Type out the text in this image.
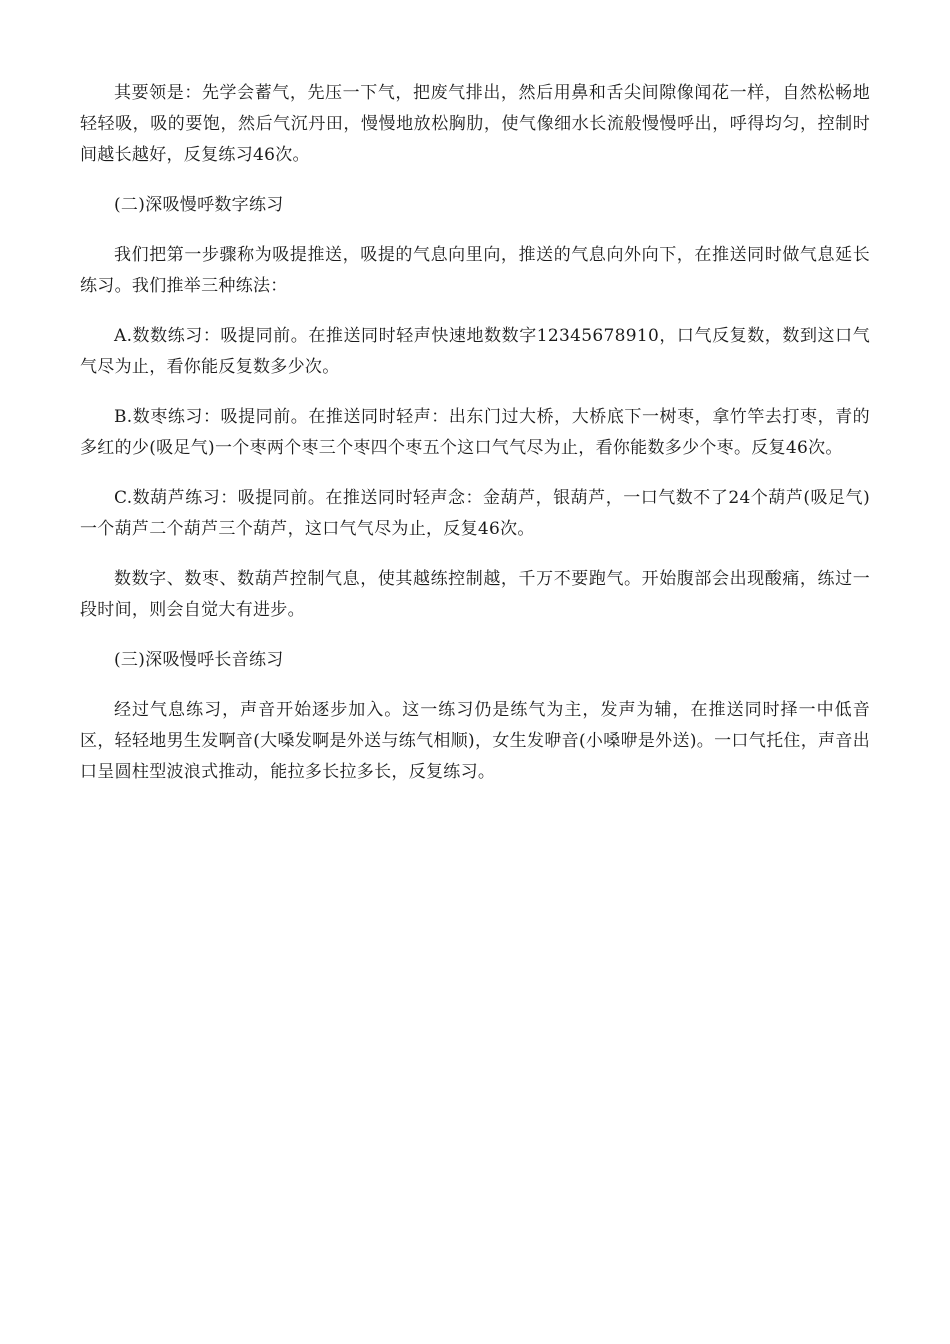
其要领是：先学会蓄气，先压一下气，把废气排出，然后用鼻和舌尖间隙像闻花一样，自然松畅地轻轻吸，吸的要饱，然后气沉丹田，慢慢地放松胸肋，使气像细水长流般慢慢呼出，呼得均匀，控制时间越长越好，反复练习46次。

(二)深吸慢呼数字练习

我们把第一步骤称为吸提推送，吸提的气息向里向，推送的气息向外向下，在推送同时做气息延长练习。我们推举三种练法：

A.数数练习：吸提同前。在推送同时轻声快速地数数字12345678910，口气反复数，数到这口气气尽为止，看你能反复数多少次。

B.数枣练习：吸提同前。在推送同时轻声：出东门过大桥，大桥底下一树枣，拿竹竿去打枣，青的多红的少(吸足气)一个枣两个枣三个枣四个枣五个这口气气尽为止，看你能数多少个枣。反复46次。

C.数葫芦练习：吸提同前。在推送同时轻声念：金葫芦，银葫芦，一口气数不了24个葫芦(吸足气)一个葫芦二个葫芦三个葫芦，这口气气尽为止，反复46次。

数数字、数枣、数葫芦控制气息，使其越练控制越，千万不要跑气。开始腹部会出现酸痛，练过一段时间，则会自觉大有进步。

(三)深吸慢呼长音练习

经过气息练习，声音开始逐步加入。这一练习仍是练气为主，发声为辅，在推送同时择一中低音区，轻轻地男生发啊音(大嗓发啊是外送与练气相顺)，女生发咿音(小嗓咿是外送)。一口气托住，声音出口呈圆柱型波浪式推动，能拉多长拉多长，反复练习。
